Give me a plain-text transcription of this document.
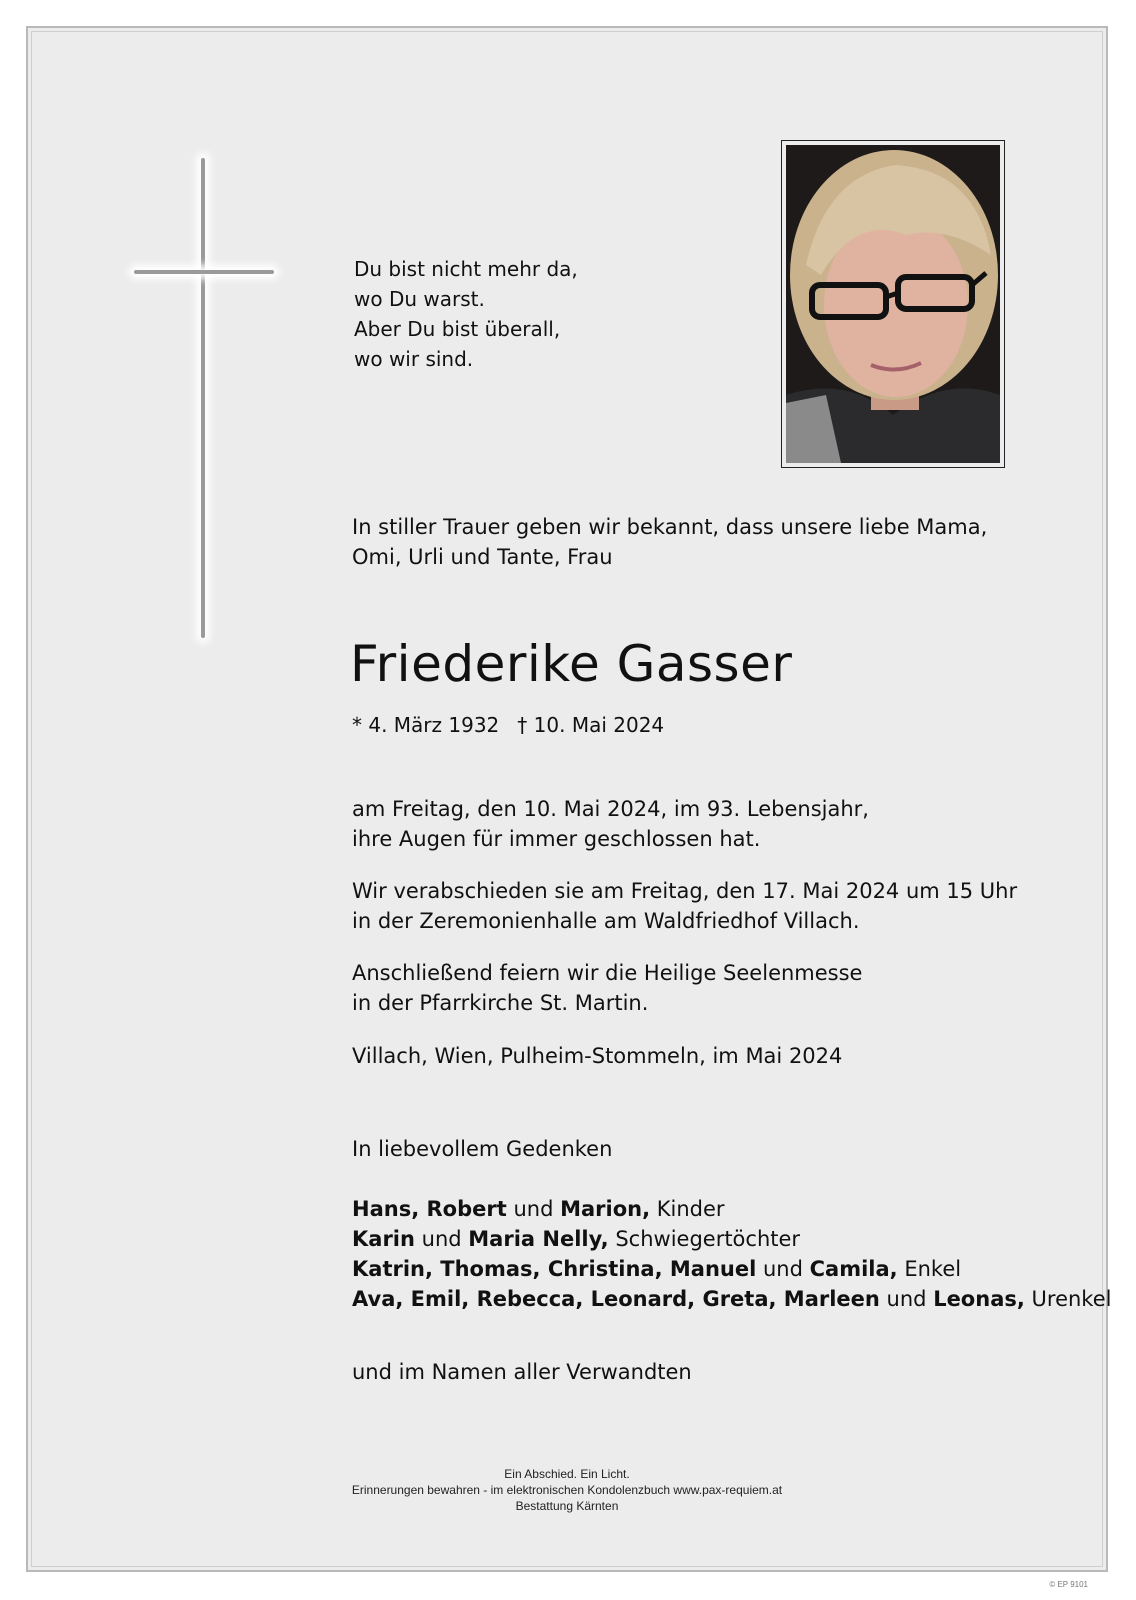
Du bist nicht mehr da,
wo Du warst.
Aber Du bist überall,
wo wir sind.
In stiller Trauer geben wir bekannt, dass unsere liebe Mama,
Omi, Urli und Tante, Frau
Friederike Gasser
* 4. März 1932 † 10. Mai 2024
am Freitag, den 10. Mai 2024, im 93. Lebensjahr,
ihre Augen für immer geschlossen hat.
Wir verabschieden sie am Freitag, den 17. Mai 2024 um 15 Uhr
in der Zeremonienhalle am Waldfriedhof Villach.
Anschließend feiern wir die Heilige Seelenmesse
in der Pfarrkirche St. Martin.
Villach, Wien, Pulheim-Stommeln, im Mai 2024
In liebevollem Gedenken
Hans, Robert und Marion, Kinder
Karin und Maria Nelly, Schwiegertöchter
Katrin, Thomas, Christina, Manuel und Camila, Enkel
Ava, Emil, Rebecca, Leonard, Greta, Marleen und Leonas, Urenkel
und im Namen aller Verwandten
Ein Abschied. Ein Licht.
Erinnerungen bewahren - im elektronischen Kondolenzbuch www.pax-requiem.at
Bestattung Kärnten
© EP 9101
